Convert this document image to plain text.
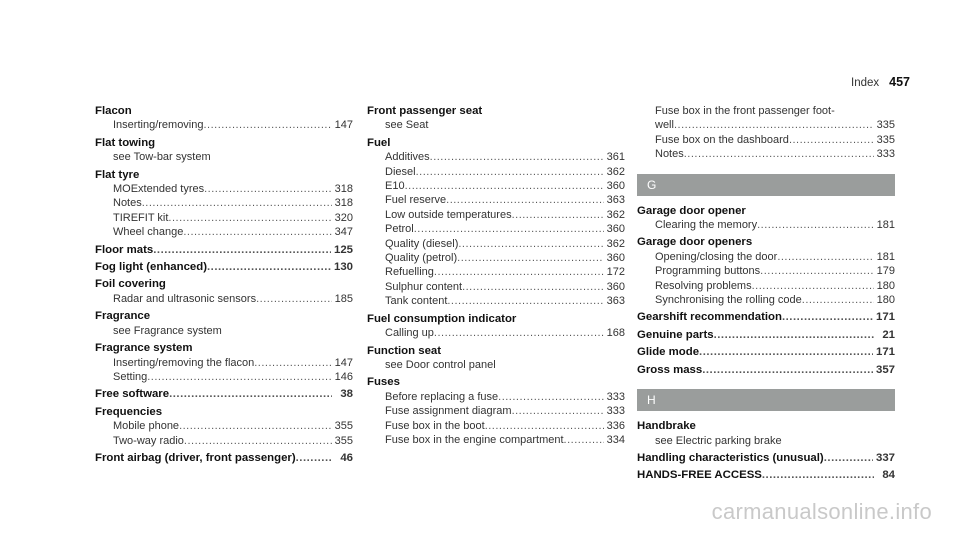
Index 457
Flacon
Inserting/removing .....	147
Flat towing
see Tow-bar system
Flat tyre
MOExtended tyres .....	318
Notes .....	318
TIREFIT kit .....	320
Wheel change .....	347
Floor mats .....	125
Fog light (enhanced) .....	130
Foil covering
Radar and ultrasonic sensors .....	185
Fragrance
see Fragrance system
Fragrance system
Inserting/removing the flacon .....	147
Setting .....	146
Free software .....	38
Frequencies
Mobile phone .....	355
Two-way radio .....	355
Front airbag (driver, front passenger) .....	46
Front passenger seat
see Seat
Fuel
Additives .....	361
Diesel .....	362
E10 .....	360
Fuel reserve .....	363
Low outside temperatures .....	362
Petrol .....	360
Quality (diesel) .....	362
Quality (petrol) .....	360
Refuelling .....	172
Sulphur content .....	360
Tank content .....	363
Fuel consumption indicator
Calling up .....	168
Function seat
see Door control panel
Fuses
Before replacing a fuse .....	333
Fuse assignment diagram .....	333
Fuse box in the boot .....	336
Fuse box in the engine compartment .....	334
Fuse box in the front passenger foot-
well .....	335
Fuse box on the dashboard .....	335
Notes .....	333
G
Garage door opener
Clearing the memory .....	181
Garage door openers
Opening/closing the door .....	181
Programming buttons .....	179
Resolving problems .....	180
Synchronising the rolling code .....	180
Gearshift recommendation .....	171
Genuine parts .....	21
Glide mode .....	171
Gross mass .....	357
H
Handbrake
see Electric parking brake
Handling characteristics (unusual) .....	337
HANDS-FREE ACCESS .....	84
carmanualsonline.info
